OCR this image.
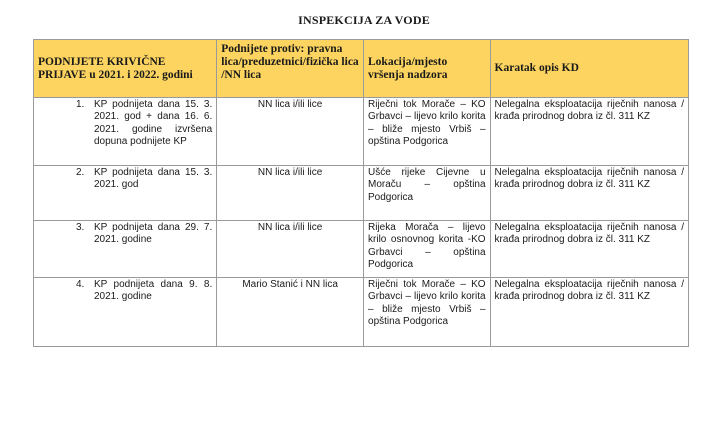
INSPEKCIJA ZA VODE
PODNIJETE KRIVIČNE PRIJAVE u 2021. i 2022. godini	Podnijete protiv: pravna lica/preduzetnici/fizička lica /NN lica	Lokacija/mjesto vršenja nadzora	Karatak opis KD

1. KP podnijeta dana 15. 3. 2021. god + dana 16. 6. 2021. godine izvršena dopuna podnijete KP	NN lica i/ili lice	Riječni tok Morače – KO Grbavci – lijevo krilo korita – bliže mjesto Vrbiš – opština Podgorica	Nelegalna eksploatacija riječnih nanosa / krađa prirodnog dobra iz čl. 311 KZ

2. KP podnijeta dana 15. 3. 2021. god	NN lica i/ili lice	Ušće rijeke Cijevne u Moraču – opština Podgorica	Nelegalna eksploatacija riječnih nanosa / krađa prirodnog dobra iz čl. 311 KZ

3. KP podnijeta dana 29. 7. 2021. godine	NN lica i/ili lice	Rijeka Morača – lijevo krilo osnovnog korita -KO Grbavci – opština Podgorica	Nelegalna eksploatacija riječnih nanosa / krađa prirodnog dobra iz čl. 311 KZ

4. KP podnijeta dana 9. 8. 2021. godine	Mario Stanić i NN lica	Riječni tok Morače – KO Grbavci – lijevo krilo korita – bliže mjesto Vrbiš – opština Podgorica	Nelegalna eksploatacija riječnih nanosa / krađa prirodnog dobra iz čl. 311 KZ
